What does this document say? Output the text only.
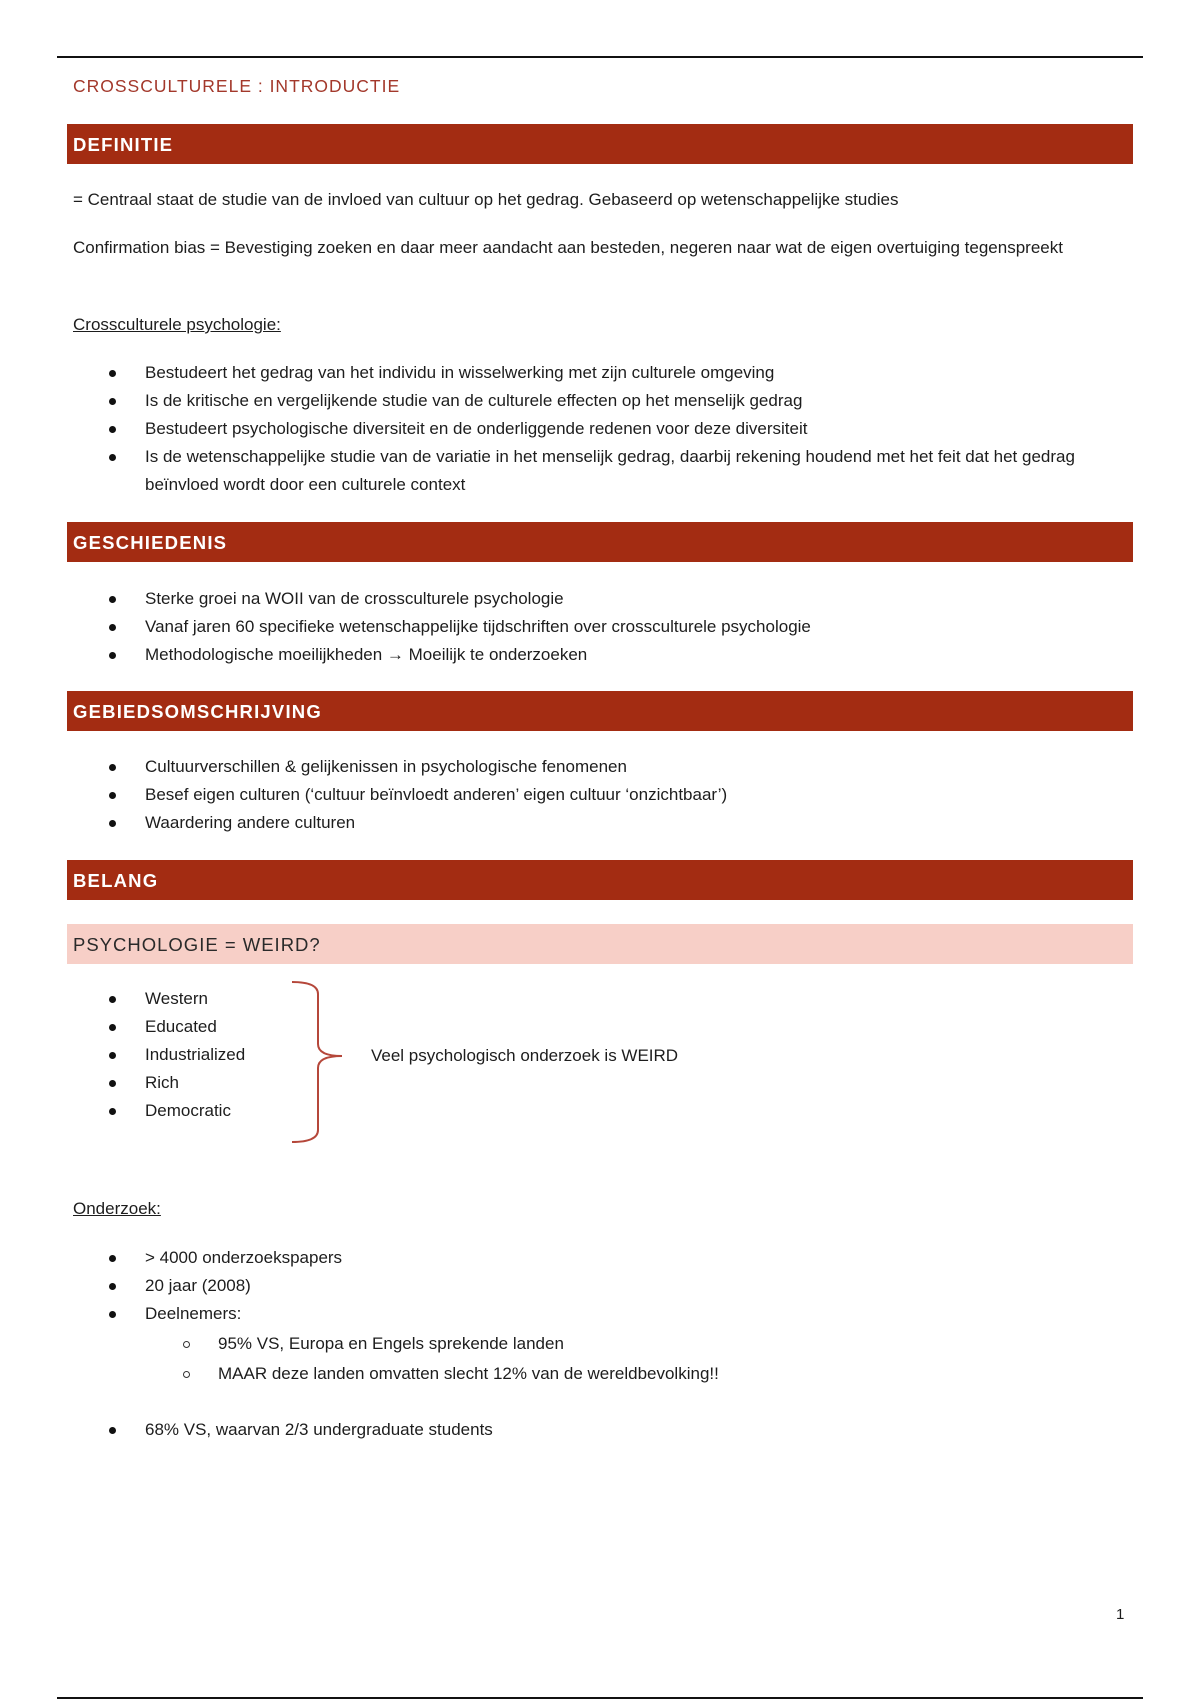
CROSSCULTURELE : INTRODUCTIE
DEFINITIE
= Centraal staat de studie van de invloed van cultuur op het gedrag. Gebaseerd op wetenschappelijke studies
Confirmation bias = Bevestiging zoeken en daar meer aandacht aan besteden, negeren naar wat de eigen overtuiging tegenspreekt
Crossculturele psychologie:
Bestudeert het gedrag van het individu in wisselwerking met zijn culturele omgeving
Is de kritische en vergelijkende studie van de culturele effecten op het menselijk gedrag
Bestudeert psychologische diversiteit en de onderliggende redenen voor deze diversiteit
Is de wetenschappelijke studie van de variatie in het menselijk gedrag, daarbij rekening houdend met het feit dat het gedrag beïnvloed wordt door een culturele context
GESCHIEDENIS
Sterke groei na WOII van de crossculturele psychologie
Vanaf jaren 60 specifieke wetenschappelijke tijdschriften over crossculturele psychologie
Methodologische moeilijkheden → Moeilijk te onderzoeken
GEBIEDSOMSCHRIJVING
Cultuurverschillen & gelijkenissen in psychologische fenomenen
Besef eigen culturen (‘cultuur beïnvloedt anderen’ eigen cultuur ‘onzichtbaar’)
Waardering andere culturen
BELANG
PSYCHOLOGIE = WEIRD?
Western
Educated
Industrialized
Rich
Democratic
Veel psychologisch onderzoek is WEIRD
Onderzoek:
> 4000 onderzoekspapers
20 jaar (2008)
Deelnemers:
95% VS, Europa en Engels sprekende landen
MAAR deze landen omvatten slecht 12% van de wereldbevolking!!
68% VS, waarvan 2/3 undergraduate students
1
